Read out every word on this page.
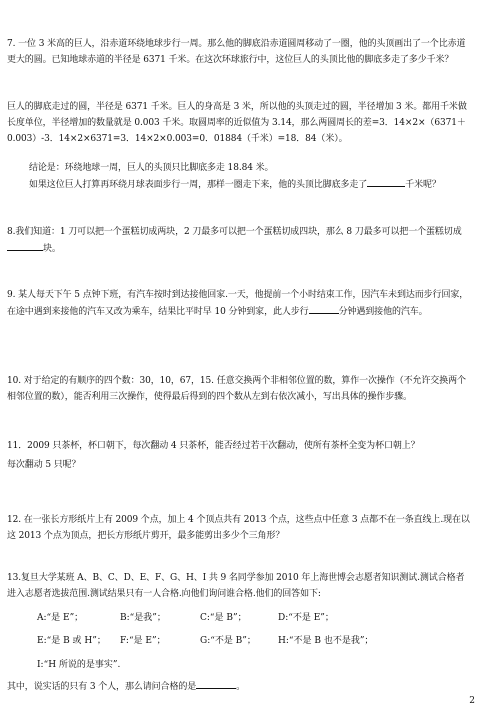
7. 一位 3 米高的巨人，沿赤道环绕地球步行一周。那么他的脚底沿赤道圆周移动了一圈，他的头顶画出了一个比赤道更大的圆。已知地球赤道的半径是 6371 千米。在这次环球旅行中，这位巨人的头顶比他的脚底多走了多少千米？

巨人的脚底走过的圆，半径是 6371 千米。巨人的身高是 3 米，所以他的头顶走过的圆，半径增加 3 米。都用千米做长度单位，半径增加的数量就是 0.003 千米。取圆周率的近似值为 3.14，那么两圆周长的差=3．14×2×（6371＋0.003）-3．14×2×6371=3．14×2×0.003=0．01884（千米）=18．84（米）。

结论是：环绕地球一周，巨人的头顶只比脚底多走 18.84 米。

如果这位巨人打算再环绕月球表面步行一周，那样一圈走下来，他的头顶比脚底多走了	千米呢？

8.我们知道：1 刀可以把一个蛋糕切成两块，2 刀最多可以把一个蛋糕切成四块，那么 8 刀最多可以把一个蛋糕切成块。

9. 某人每天下午 5 点钟下班，有汽车按时到达接他回家.一天，他提前一个小时结束工作，因汽车未到达而步行回家，在途中遇到来接他的汽车又改为乘车，结果比平时早 10 分钟到家，此人步行	分钟遇到接他的汽车。

10. 对于给定的有顺序的四个数：30，10，67，15. 任意交换两个非相邻位置的数，算作一次操作（不允许交换两个相邻位置的数），能否利用三次操作，使得最后得到的四个数从左到右依次减小，写出具体的操作步骤。

11．2009 只茶杯，杯口朝下，每次翻动 4 只茶杯，能否经过若干次翻动，使所有茶杯全变为杯口朝上？

每次翻动 5 只呢？

12. 在一张长方形纸片上有 2009 个点，加上 4 个顶点共有 2013 个点，这些点中任意 3 点都不在一条直线上.现在以这 2013 个点为顶点，把长方形纸片剪开，最多能剪出多少个三角形？

13.复旦大学某班 A、B、C、D、E、F、G、H、I 共 9 名同学参加 2010 年上海世博会志愿者知识测试.测试合格者进入志愿者选拔范围.测试结果只有一人合格.向他们询问谁合格.他们的回答如下:

A:“是 E”；	B:“是我”；	C:“是 B”；	D:“不是 E”；
E:“是 B 或 H”； F:“是 E”；	G:“不是 B”； H:“不是 B 也不是我”；
I:“H 所说的是事实”.

其中，说实话的只有 3 个人，那么请问合格的是	。

2
